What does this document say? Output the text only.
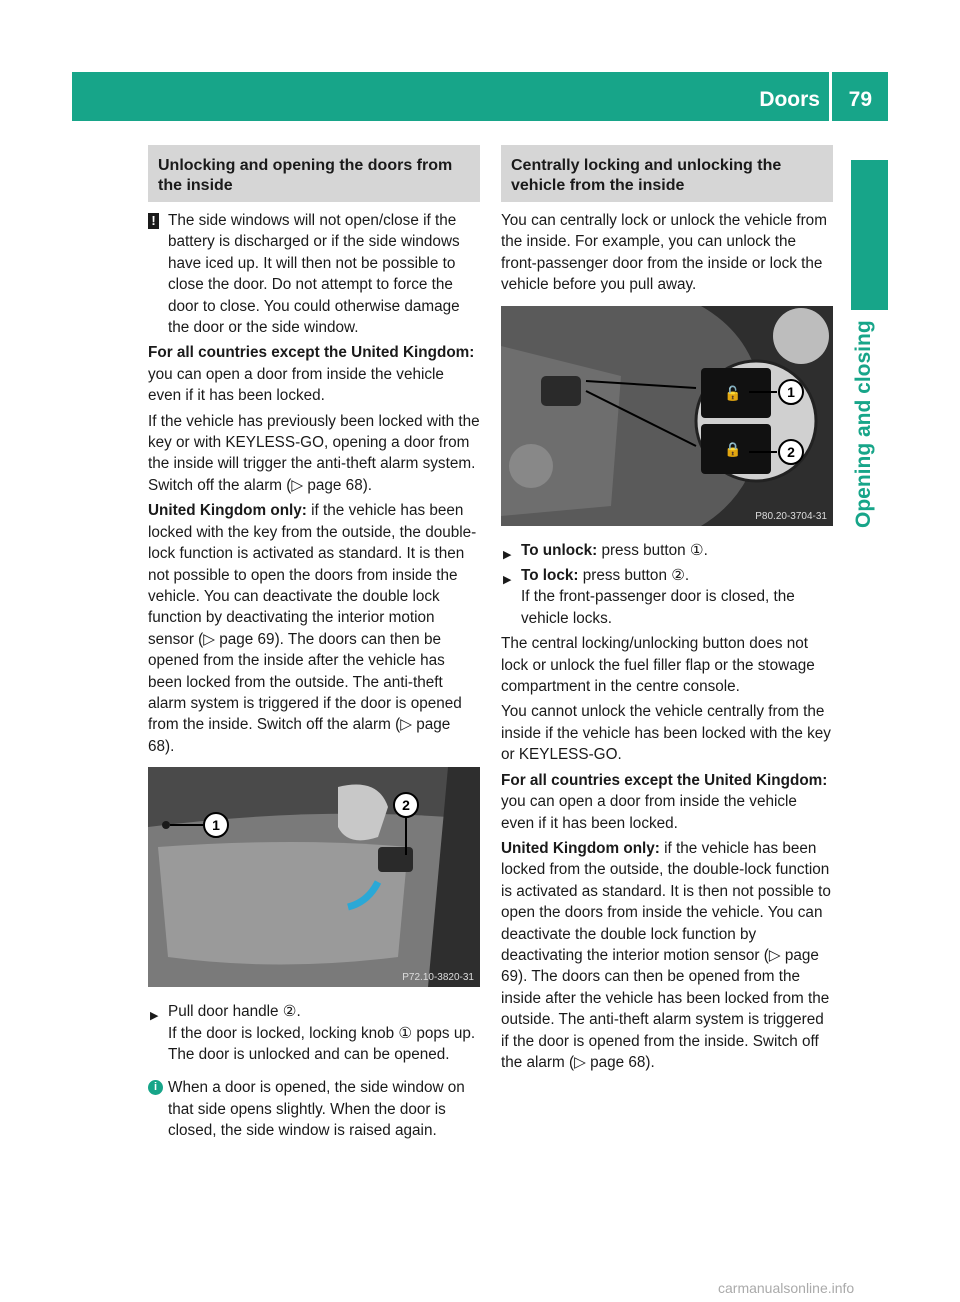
Doors 79
Opening and closing
Unlocking and opening the doors from the inside

! The side windows will not open/close if the battery is discharged or if the side windows have iced up. It will then not be possible to close the door. Do not attempt to force the door to close. You could otherwise damage the door or the side window.

For all countries except the United Kingdom: you can open a door from inside the vehicle even if it has been locked.

If the vehicle has previously been locked with the key or with KEYLESS-GO, opening a door from the inside will trigger the anti-theft alarm system. Switch off the alarm (▷ page 68).

United Kingdom only: if the vehicle has been locked with the key from the outside, the double-lock function is activated as standard. It is then not possible to open the doors from inside the vehicle. You can deactivate the double lock function by deactivating the interior motion sensor (▷ page 69). The doors can then be opened from the inside after the vehicle has been locked from the outside. The anti-theft alarm system is triggered if the door is opened from the inside. Switch off the alarm (▷ page 68).

1
2
P72.10-3820-31

▶ Pull door handle ②.
If the door is locked, locking knob ① pops up. The door is unlocked and can be opened.

i When a door is opened, the side window on that side opens slightly. When the door is closed, the side window is raised again.

Centrally locking and unlocking the vehicle from the inside

You can centrally lock or unlock the vehicle from the inside. For example, you can unlock the front-passenger door from the inside or lock the vehicle before you pull away.

🔓
🔒
1
2
P80.20-3704-31

▶ To unlock: press button ①.

▶ To lock: press button ②.
If the front-passenger door is closed, the vehicle locks.

The central locking/unlocking button does not lock or unlock the fuel filler flap or the stowage compartment in the centre console.

You cannot unlock the vehicle centrally from the inside if the vehicle has been locked with the key or KEYLESS-GO.

For all countries except the United Kingdom: you can open a door from inside the vehicle even if it has been locked.

United Kingdom only: if the vehicle has been locked from the outside, the double-lock function is activated as standard. It is then not possible to open the doors from inside the vehicle. You can deactivate the double lock function by deactivating the interior motion sensor (▷ page 69). The doors can then be opened from the inside after the vehicle has been locked from the outside. The anti-theft alarm system is triggered if the door is opened from the inside. Switch off the alarm (▷ page 68).

carmanualsonline.info
